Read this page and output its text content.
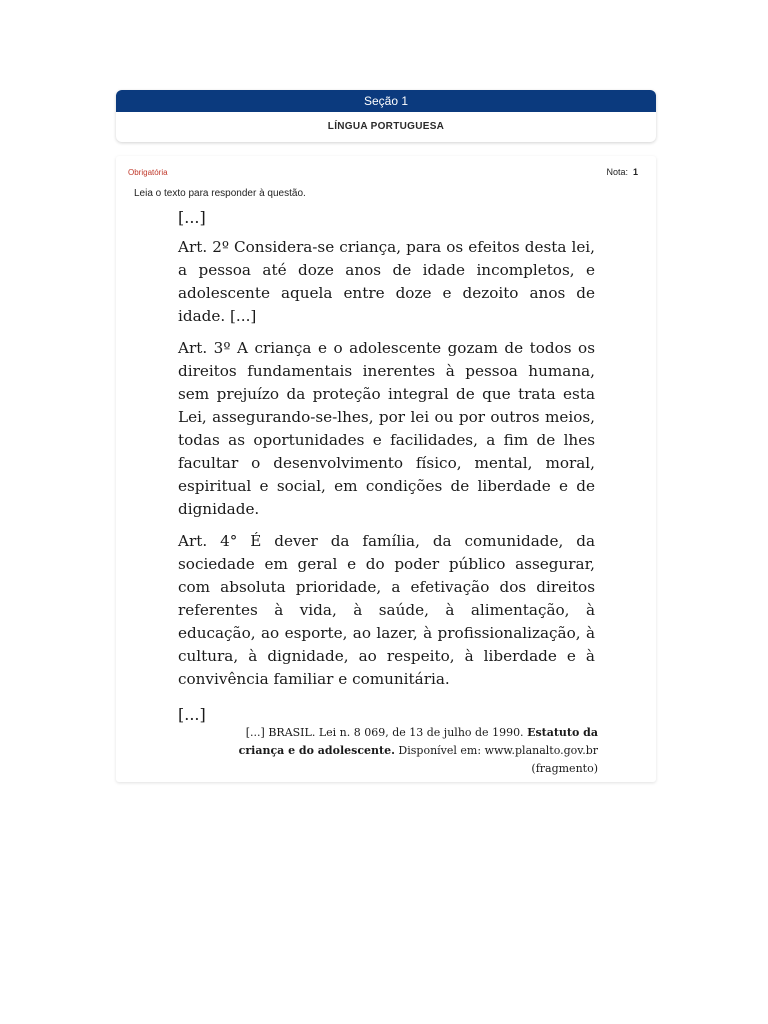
Seção 1
LÍNGUA PORTUGUESA
Obrigatória	Nota: 1
Leia o texto para responder à questão.
[...]

Art. 2º Considera-se criança, para os efeitos desta lei, a pessoa até doze anos de idade incompletos, e adolescente aquela entre doze e dezoito anos de idade. [...]

Art. 3º A criança e o adolescente gozam de todos os direitos fundamentais inerentes à pessoa humana, sem prejuízo da proteção integral de que trata esta Lei, assegurando-se-lhes, por lei ou por outros meios, todas as oportunidades e facilidades, a fim de lhes facultar o desenvolvimento físico, mental, moral, espiritual e social, em condições de liberdade e de dignidade.

Art. 4° É dever da família, da comunidade, da sociedade em geral e do poder público assegurar, com absoluta prioridade, a efetivação dos direitos referentes à vida, à saúde, à alimentação, à educação, ao esporte, ao lazer, à profissionalização, à cultura, à dignidade, ao respeito, à liberdade e à convivência familiar e comunitária.

[...]
[...] BRASIL. Lei n. 8 069, de 13 de julho de 1990. Estatuto da criança e do adolescente. Disponível em: www.planalto.gov.br (fragmento)
